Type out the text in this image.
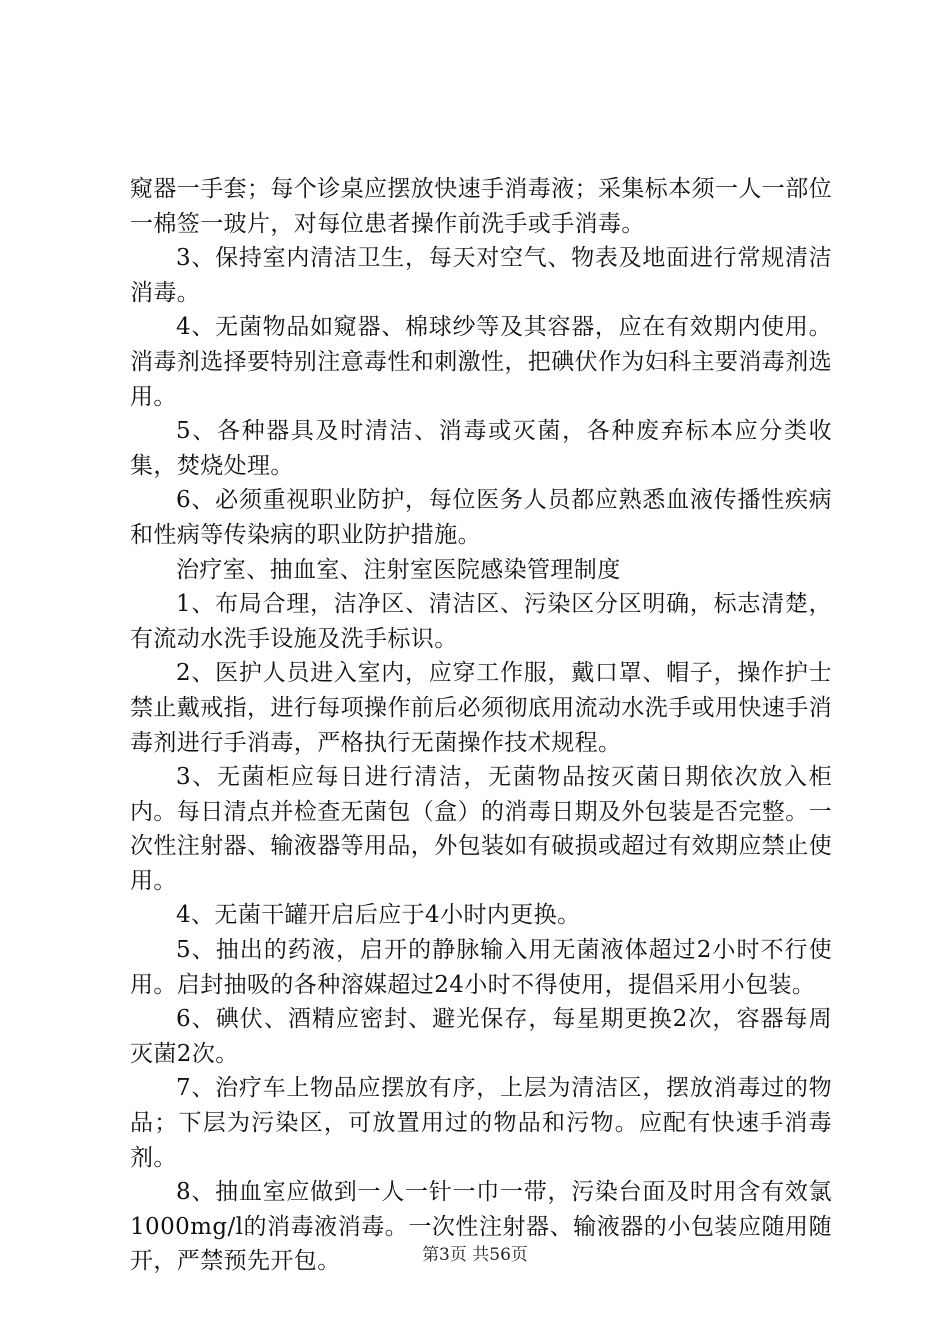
窥器一手套；每个诊桌应摆放快速手消毒液；采集标本须一人一部位一棉签一玻片，对每位患者操作前洗手或手消毒。

3、保持室内清洁卫生，每天对空气、物表及地面进行常规清洁消毒。

4、无菌物品如窥器、棉球纱等及其容器，应在有效期内使用。消毒剂选择要特别注意毒性和刺激性，把碘伏作为妇科主要消毒剂选用。

5、各种器具及时清洁、消毒或灭菌，各种废弃标本应分类收集，焚烧处理。

6、必须重视职业防护，每位医务人员都应熟悉血液传播性疾病和性病等传染病的职业防护措施。

治疗室、抽血室、注射室医院感染管理制度

1、布局合理，洁净区、清洁区、污染区分区明确，标志清楚，有流动水洗手设施及洗手标识。

2、医护人员进入室内，应穿工作服，戴口罩、帽子，操作护士禁止戴戒指，进行每项操作前后必须彻底用流动水洗手或用快速手消毒剂进行手消毒，严格执行无菌操作技术规程。

3、无菌柜应每日进行清洁，无菌物品按灭菌日期依次放入柜内。每日清点并检查无菌包（盒）的消毒日期及外包装是否完整。一次性注射器、输液器等用品，外包装如有破损或超过有效期应禁止使用。

4、无菌干罐开启后应于4小时内更换。

5、抽出的药液，启开的静脉输入用无菌液体超过2小时不行使用。启封抽吸的各种溶媒超过24小时不得使用，提倡采用小包装。

6、碘伏、酒精应密封、避光保存，每星期更换2次，容器每周灭菌2次。

7、治疗车上物品应摆放有序，上层为清洁区，摆放消毒过的物品；下层为污染区，可放置用过的物品和污物。应配有快速手消毒剂。

8、抽血室应做到一人一针一巾一带，污染台面及时用含有效氯1000mg/l的消毒液消毒。一次性注射器、输液器的小包装应随用随开，严禁预先开包。	第3页 共56页
